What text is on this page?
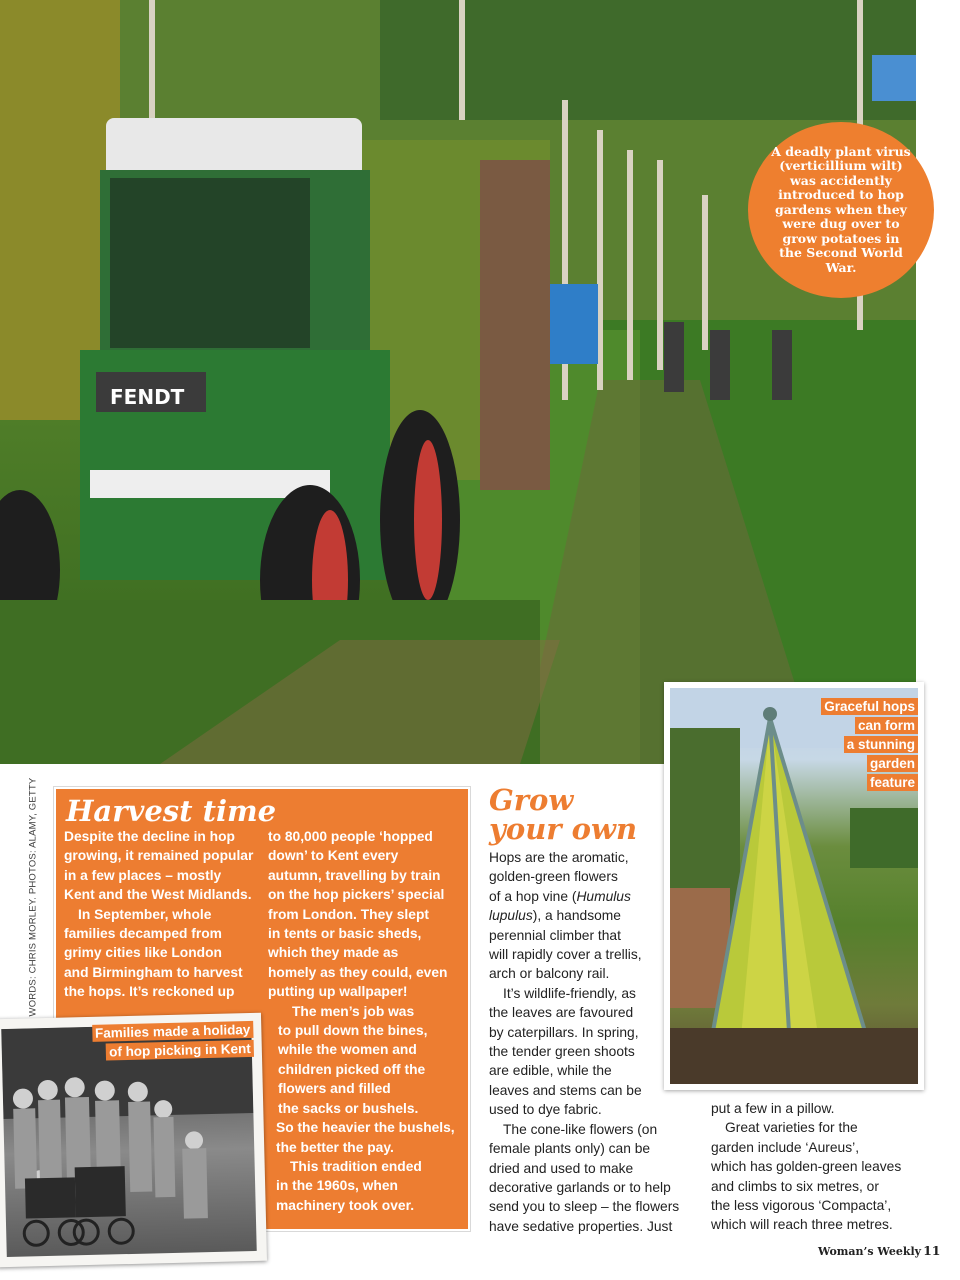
FENDT
A deadly plant virus (verticillium wilt) was accidently introduced to hop gardens when they were dug over to grow potatoes in the Second World War.
WORDS: CHRIS MORLEY. PHOTOS: ALAMY, GETTY Harvest time

Despite the decline in hop

growing, it remained popular

in a few places – mostly

Kent and the West Midlands.

In September, whole

families decamped from

grimy cities like London

and Birmingham to harvest

the hops. It’s reckoned up

to 80,000 people ‘hopped

down’ to Kent every

autumn, travelling by train

on the hop pickers’ special

from London. They slept

in tents or basic sheds,

which they made as

homely as they could, even

putting up wallpaper!

The men’s job was

to pull down the bines,

while the women and

children picked off the

flowers and filled

the sacks or bushels.

So the heavier the bushels,

the better the pay.

This tradition ended

in the 1960s, when

machinery took over.

Families made a holiday
of hop picking in Kent
Grow
your own

Hops are the aromatic,

golden-green flowers

of a hop vine (Humulus

lupulus), a handsome

perennial climber that

will rapidly cover a trellis,

arch or balcony rail.

It’s wildlife-friendly, as

the leaves are favoured

by caterpillars. In spring,

the tender green shoots

are edible, while the

leaves and stems can be

used to dye fabric.

The cone-like flowers (on

female plants only) can be

dried and used to make

decorative garlands or to help

send you to sleep – the flowers

have sedative properties. Just

Graceful hops
can form
a stunning
garden
feature

put a few in a pillow.

Great varieties for the

garden include ‘Aureus’,

which has golden-green leaves

and climbs to six metres, or

the less vigorous ‘Compacta’,

which will reach three metres.

Woman’s Weekly 11
